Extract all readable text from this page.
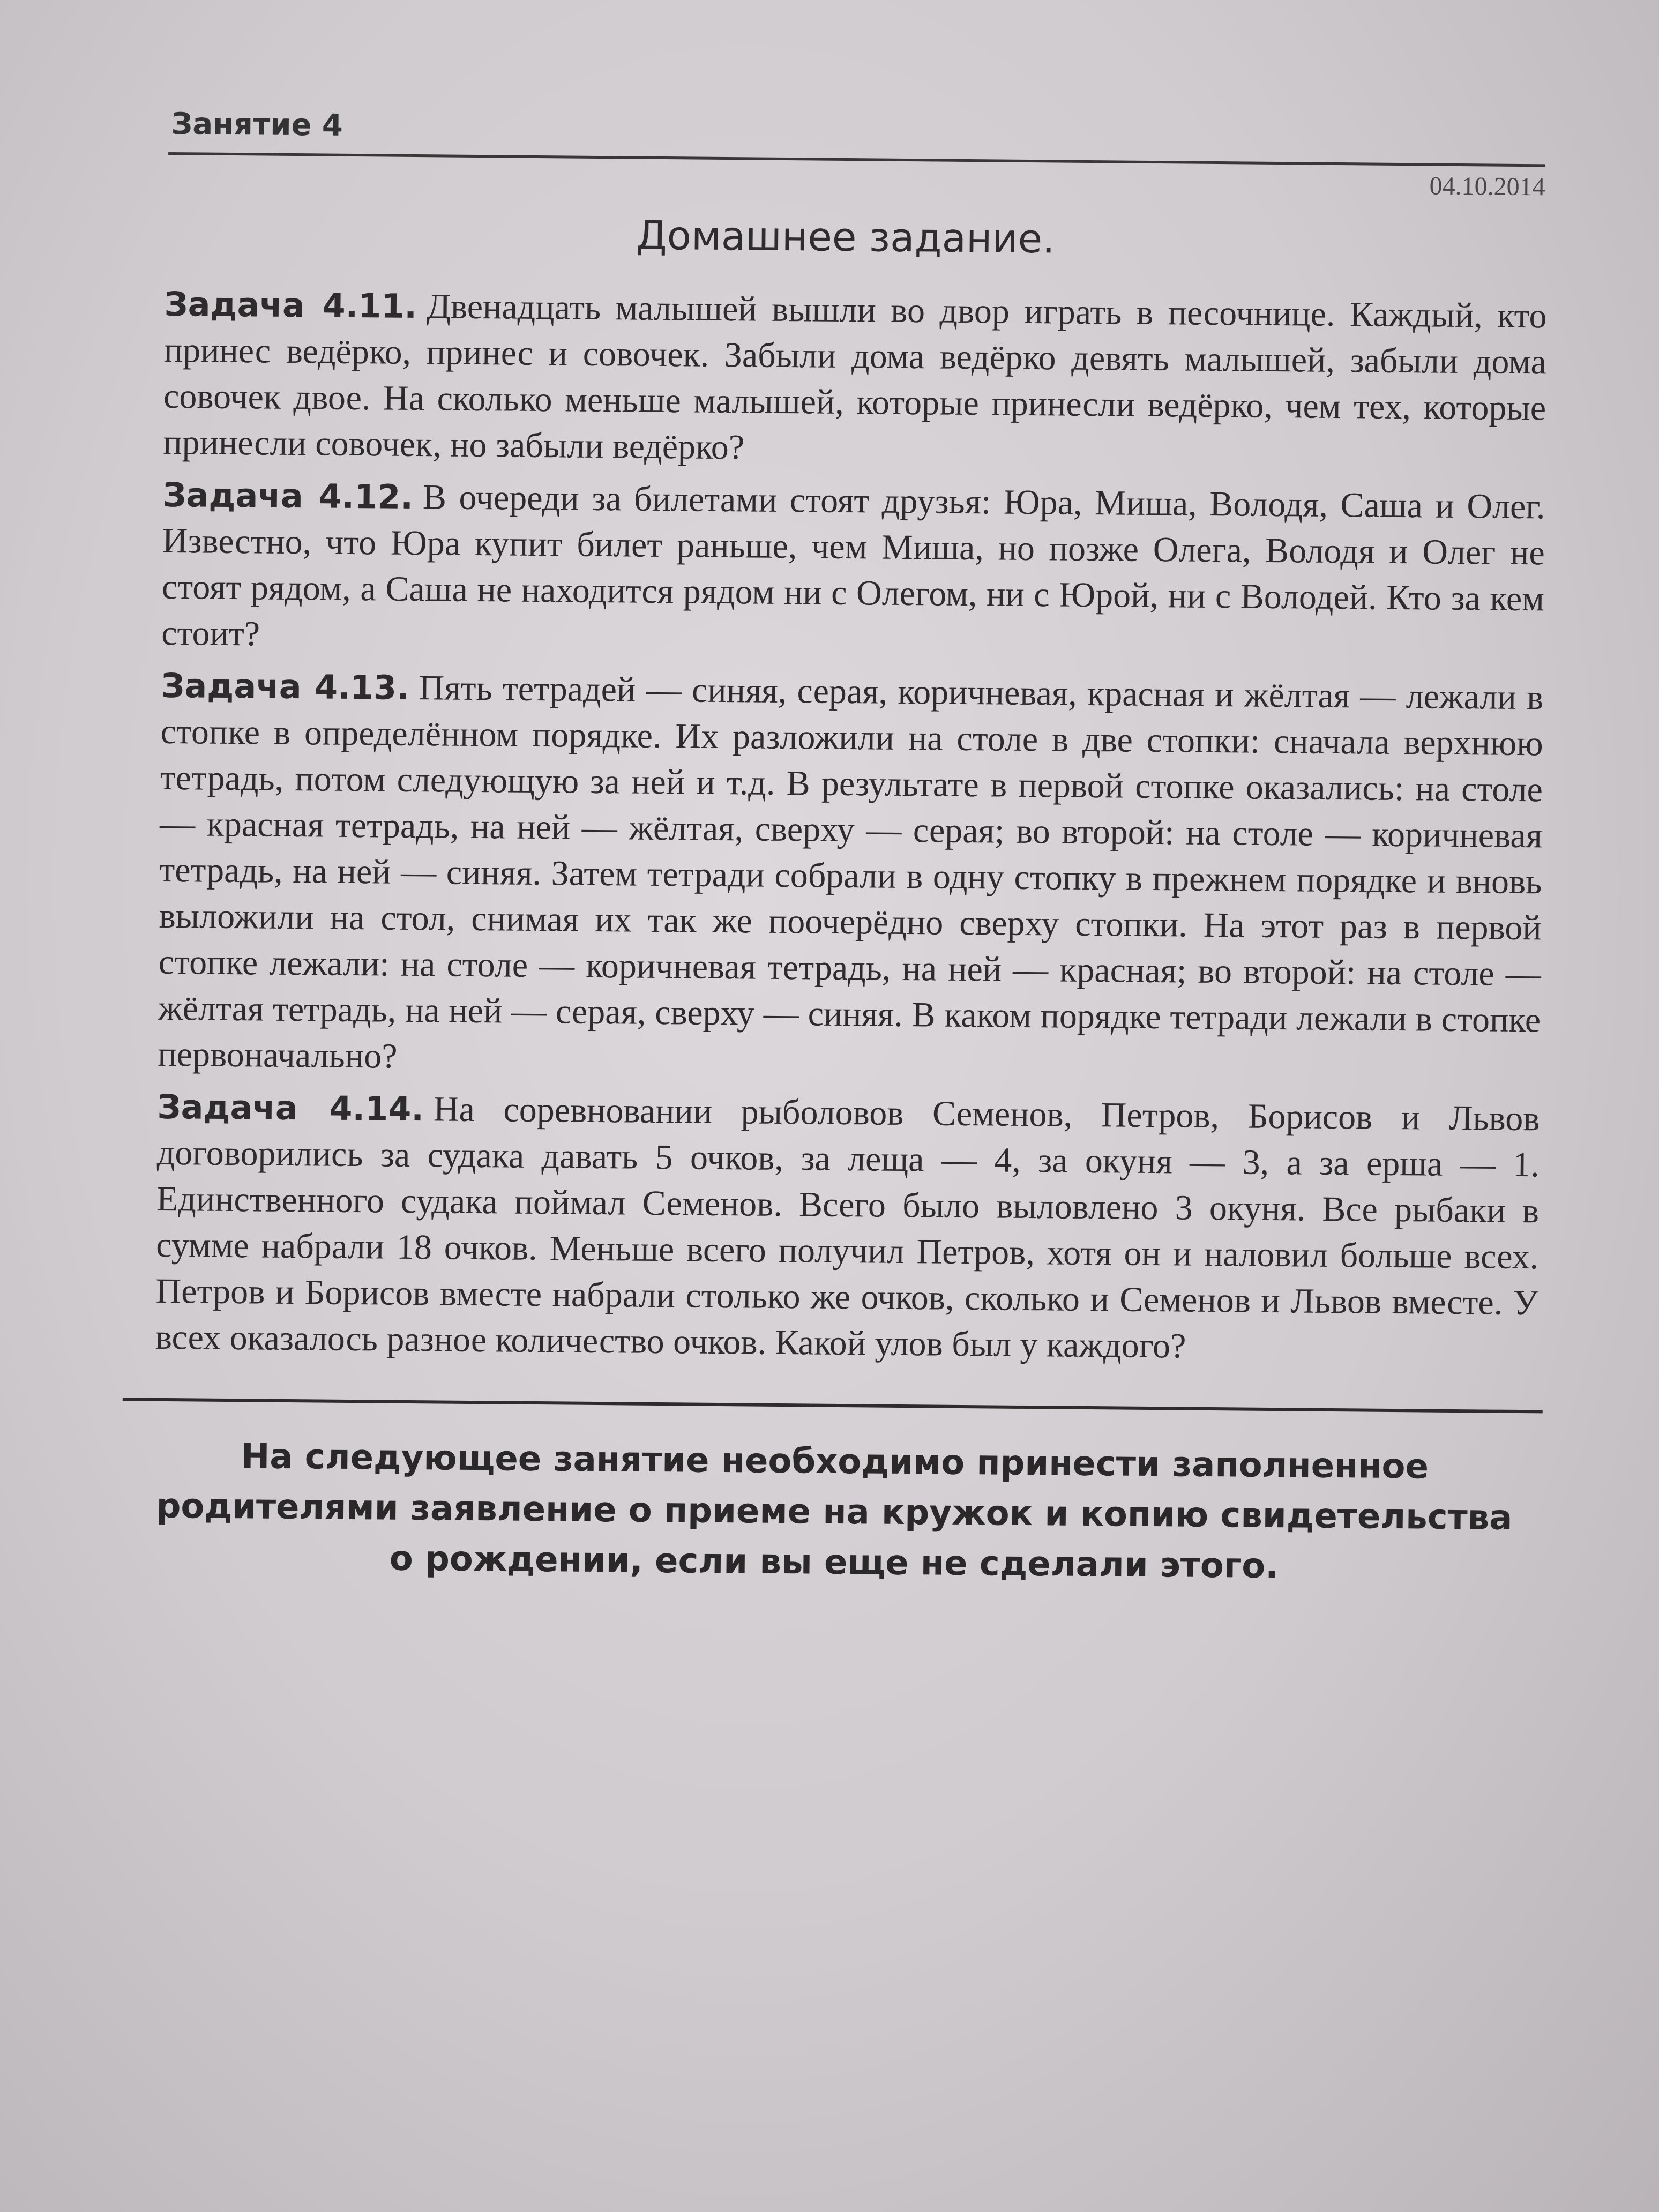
Занятие 4
04.10.2014
Домашнее задание.

Задача 4.11. Двенадцать малышей вышли во двор играть в песочнице. Каждый, кто принес ведёрко, принес и совочек. Забыли дома ведёрко девять малышей, забыли дома совочек двое. На сколько меньше малышей, которые принесли ведёрко, чем тех, которые принесли совочек, но забыли ведёрко?

Задача 4.12. В очереди за билетами стоят друзья: Юра, Миша, Володя, Саша и Олег. Известно, что Юра купит билет раньше, чем Миша, но позже Олега, Володя и Олег не стоят рядом, а Саша не находится рядом ни с Олегом, ни с Юрой, ни с Володей. Кто за кем стоит?

Задача 4.13. Пять тетрадей — синяя, серая, коричневая, красная и жёлтая — лежали в стопке в определённом порядке. Их разложили на столе в две стопки: сначала верхнюю тетрадь, потом следующую за ней и т.д. В результате в первой стопке оказались: на столе — красная тетрадь, на ней — жёлтая, сверху — серая; во второй: на столе — коричневая тетрадь, на ней — синяя. Затем тетради собрали в одну стопку в прежнем порядке и вновь выложили на стол, снимая их так же поочерёдно сверху стопки. На этот раз в первой стопке лежали: на столе — коричневая тетрадь, на ней — красная; во второй: на столе — жёлтая тетрадь, на ней — серая, сверху — синяя. В каком порядке тетради лежали в стопке первоначально?

Задача 4.14. На соревновании рыболовов Семенов, Петров, Борисов и Львов договорились за судака давать 5 очков, за леща — 4, за окуня — 3, а за ерша — 1. Единственного судака поймал Семенов. Всего было выловлено 3 окуня. Все рыбаки в сумме набрали 18 очков. Меньше всего получил Петров, хотя он и наловил больше всех. Петров и Борисов вместе набрали столько же очков, сколько и Семенов и Львов вместе. У всех оказалось разное количество очков. Какой улов был у каждого?

На следующее занятие необходимо принести заполненное родителями заявление о приеме на кружок и копию свидетельства о рождении, если вы еще не сделали этого.
